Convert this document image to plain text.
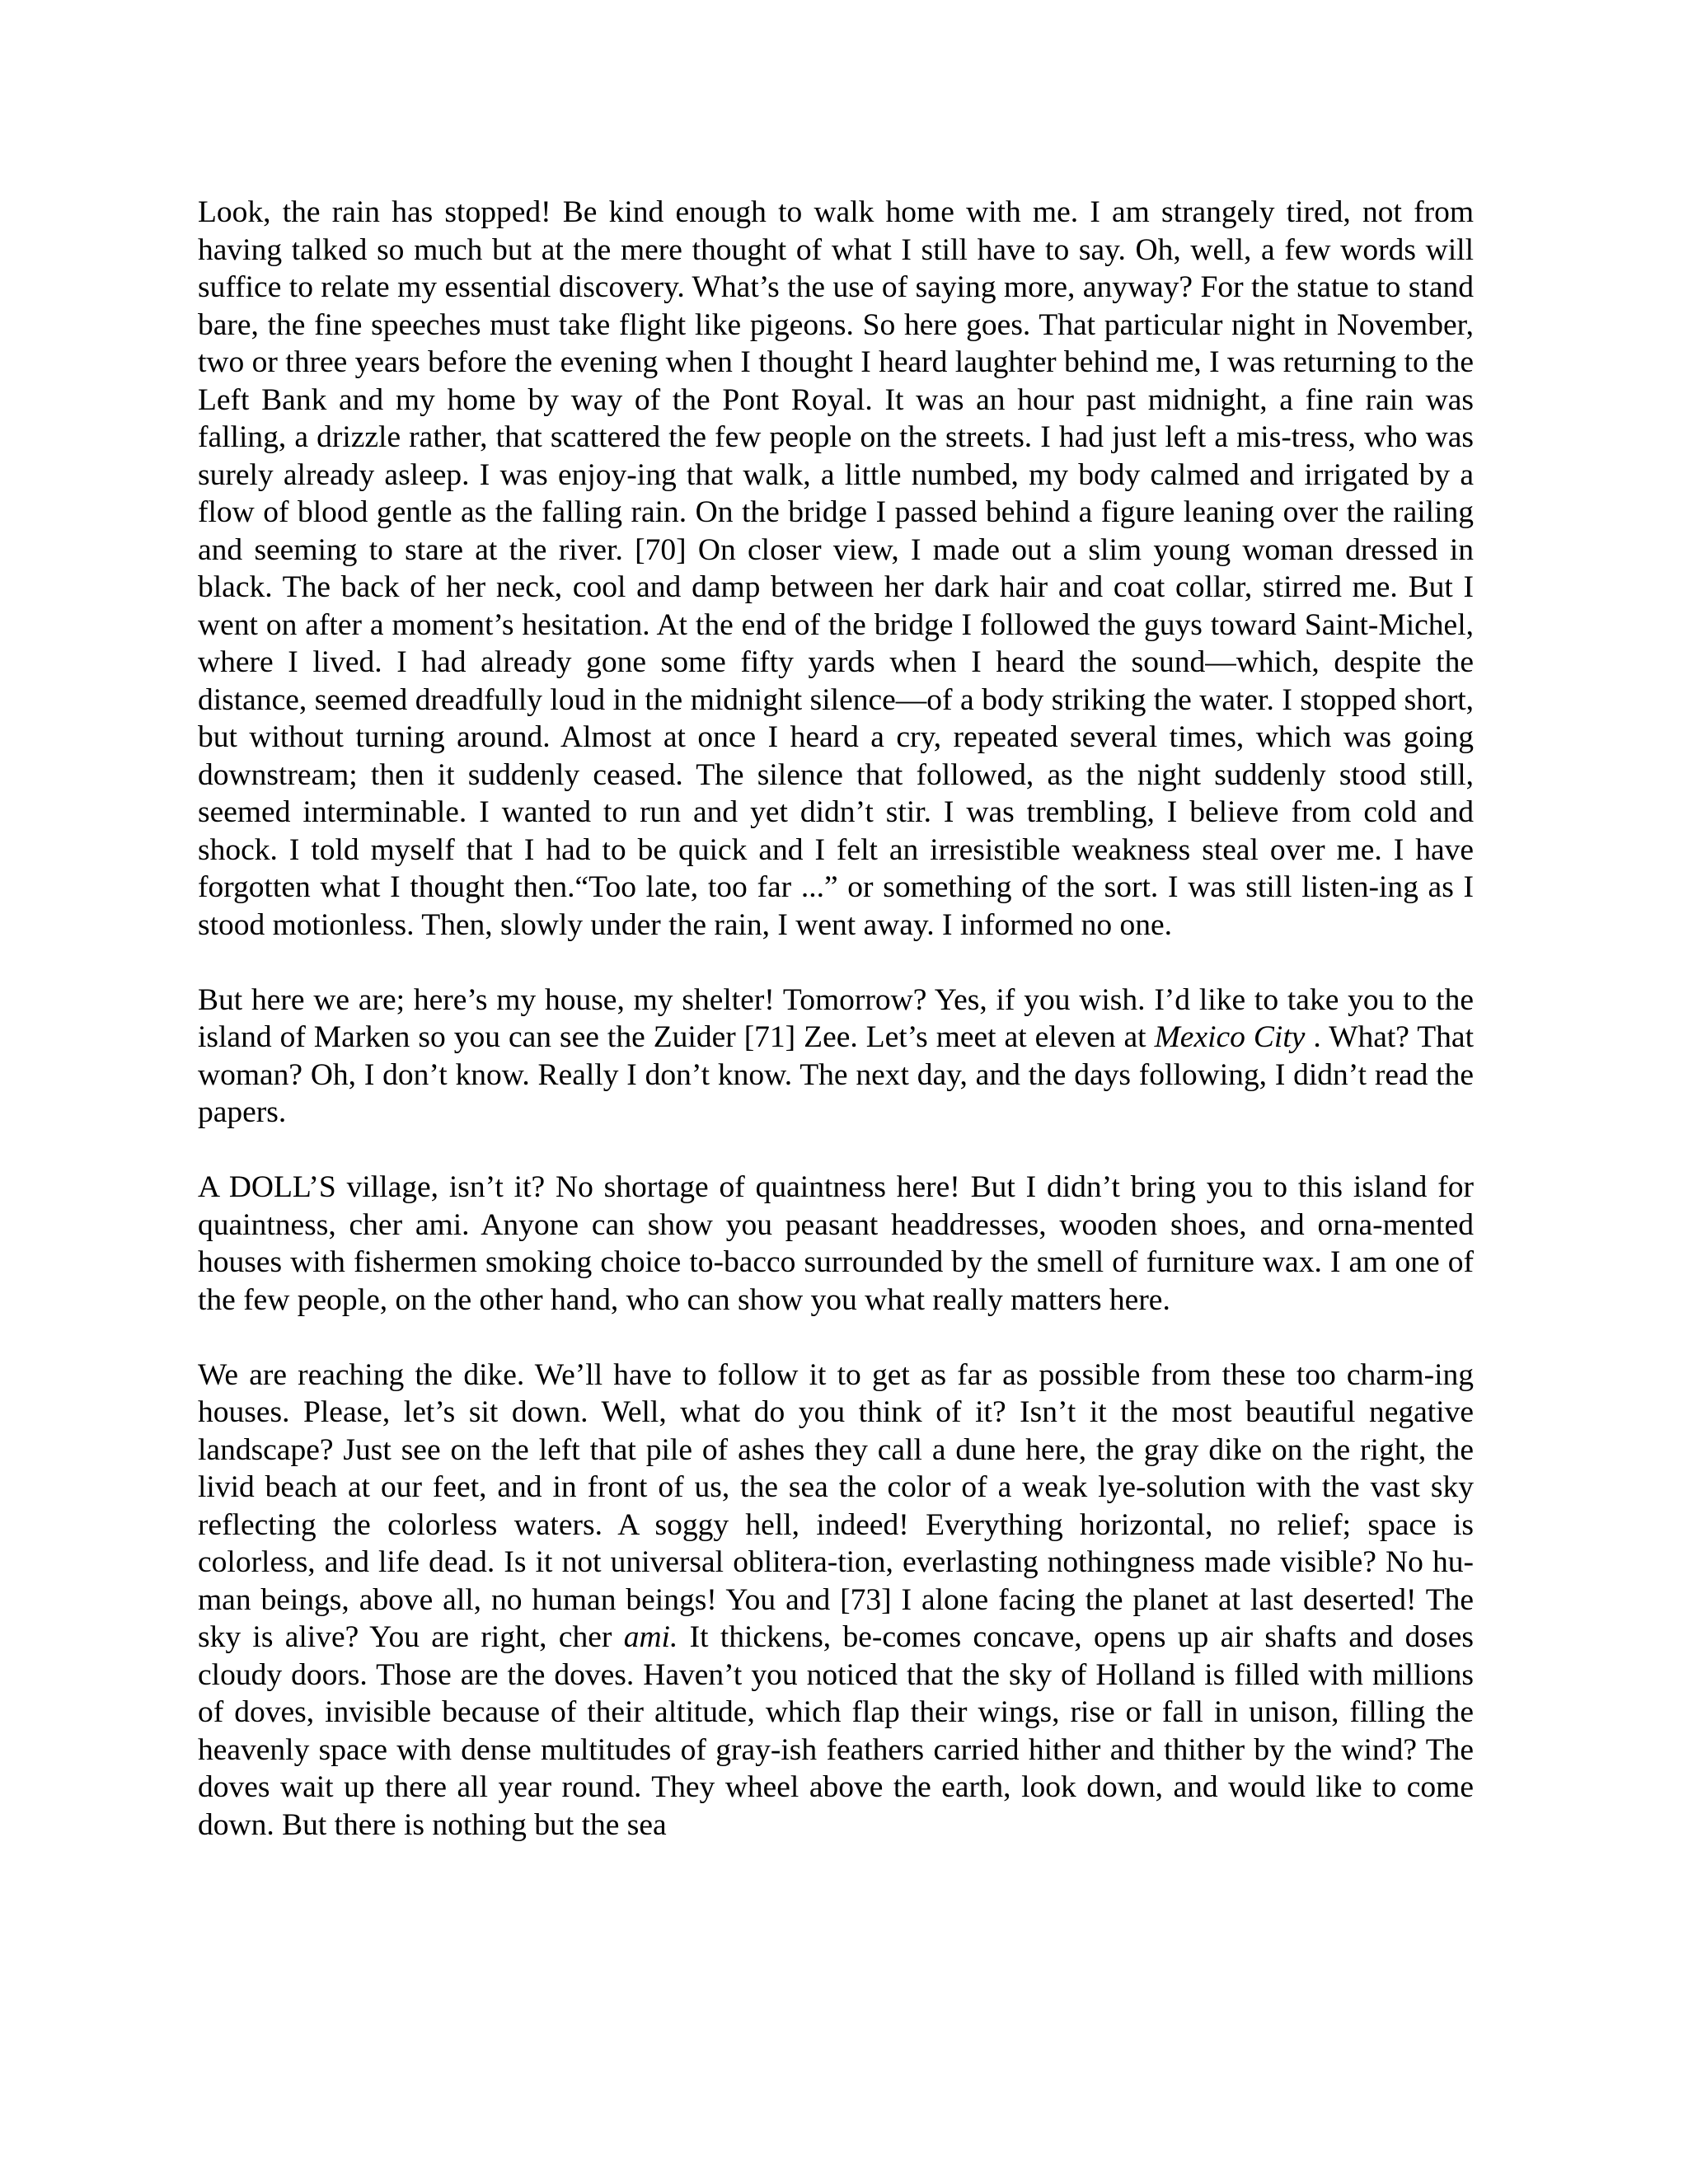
Look, the rain has stopped! Be kind enough to walk home with me. I am strangely tired, not from having talked so much but at the mere thought of what I still have to say. Oh, well, a few words will suffice to relate my essential discovery. What’s the use of saying more, anyway? For the statue to stand bare, the fine speeches must take flight like pigeons. So here goes. That particular night in November, two or three years before the evening when I thought I heard laughter behind me, I was returning to the Left Bank and my home by way of the Pont Royal. It was an hour past midnight, a fine rain was falling, a drizzle rather, that scattered the few people on the streets. I had just left a mis-tress, who was surely already asleep. I was enjoy-ing that walk, a little numbed, my body calmed and irrigated by a flow of blood gentle as the falling rain. On the bridge I passed behind a figure leaning over the railing and seeming to stare at the river. [70] On closer view, I made out a slim young woman dressed in black. The back of her neck, cool and damp between her dark hair and coat collar, stirred me. But I went on after a moment’s hesitation. At the end of the bridge I followed the guys toward Saint-Michel, where I lived. I had already gone some fifty yards when I heard the sound—which, despite the distance, seemed dreadfully loud in the midnight silence—of a body striking the water. I stopped short, but without turning around. Almost at once I heard a cry, repeated several times, which was going downstream; then it suddenly ceased. The silence that followed, as the night suddenly stood still, seemed interminable. I wanted to run and yet didn’t stir. I was trembling, I believe from cold and shock. I told myself that I had to be quick and I felt an irresistible weakness steal over me. I have forgotten what I thought then.“Too late, too far ...” or something of the sort. I was still listen-ing as I stood motionless. Then, slowly under the rain, I went away. I informed no one.

But here we are; here’s my house, my shelter! Tomorrow? Yes, if you wish. I’d like to take you to the island of Marken so you can see the Zuider [71] Zee. Let’s meet at eleven at Mexico City . What? That woman? Oh, I don’t know. Really I don’t know. The next day, and the days following, I didn’t read the papers.

A DOLL’S village, isn’t it? No shortage of quaintness here! But I didn’t bring you to this island for quaintness, cher ami. Anyone can show you peasant headdresses, wooden shoes, and orna-mented houses with fishermen smoking choice to-bacco surrounded by the smell of furniture wax. I am one of the few people, on the other hand, who can show you what really matters here.

We are reaching the dike. We’ll have to follow it to get as far as possible from these too charm-ing houses. Please, let’s sit down. Well, what do you think of it? Isn’t it the most beautiful negative landscape? Just see on the left that pile of ashes they call a dune here, the gray dike on the right, the livid beach at our feet, and in front of us, the sea the color of a weak lye-solution with the vast sky reflecting the colorless waters. A soggy hell, indeed! Everything horizontal, no relief; space is colorless, and life dead. Is it not universal oblitera-tion, everlasting nothingness made visible? No hu-man beings, above all, no human beings! You and [73] I alone facing the planet at last deserted! The sky is alive? You are right, cher ami. It thickens, be-comes concave, opens up air shafts and doses cloudy doors. Those are the doves. Haven’t you noticed that the sky of Holland is filled with millions of doves, invisible because of their altitude, which flap their wings, rise or fall in unison, filling the heavenly space with dense multitudes of gray-ish feathers carried hither and thither by the wind? The doves wait up there all year round. They wheel above the earth, look down, and would like to come down. But there is nothing but the sea
